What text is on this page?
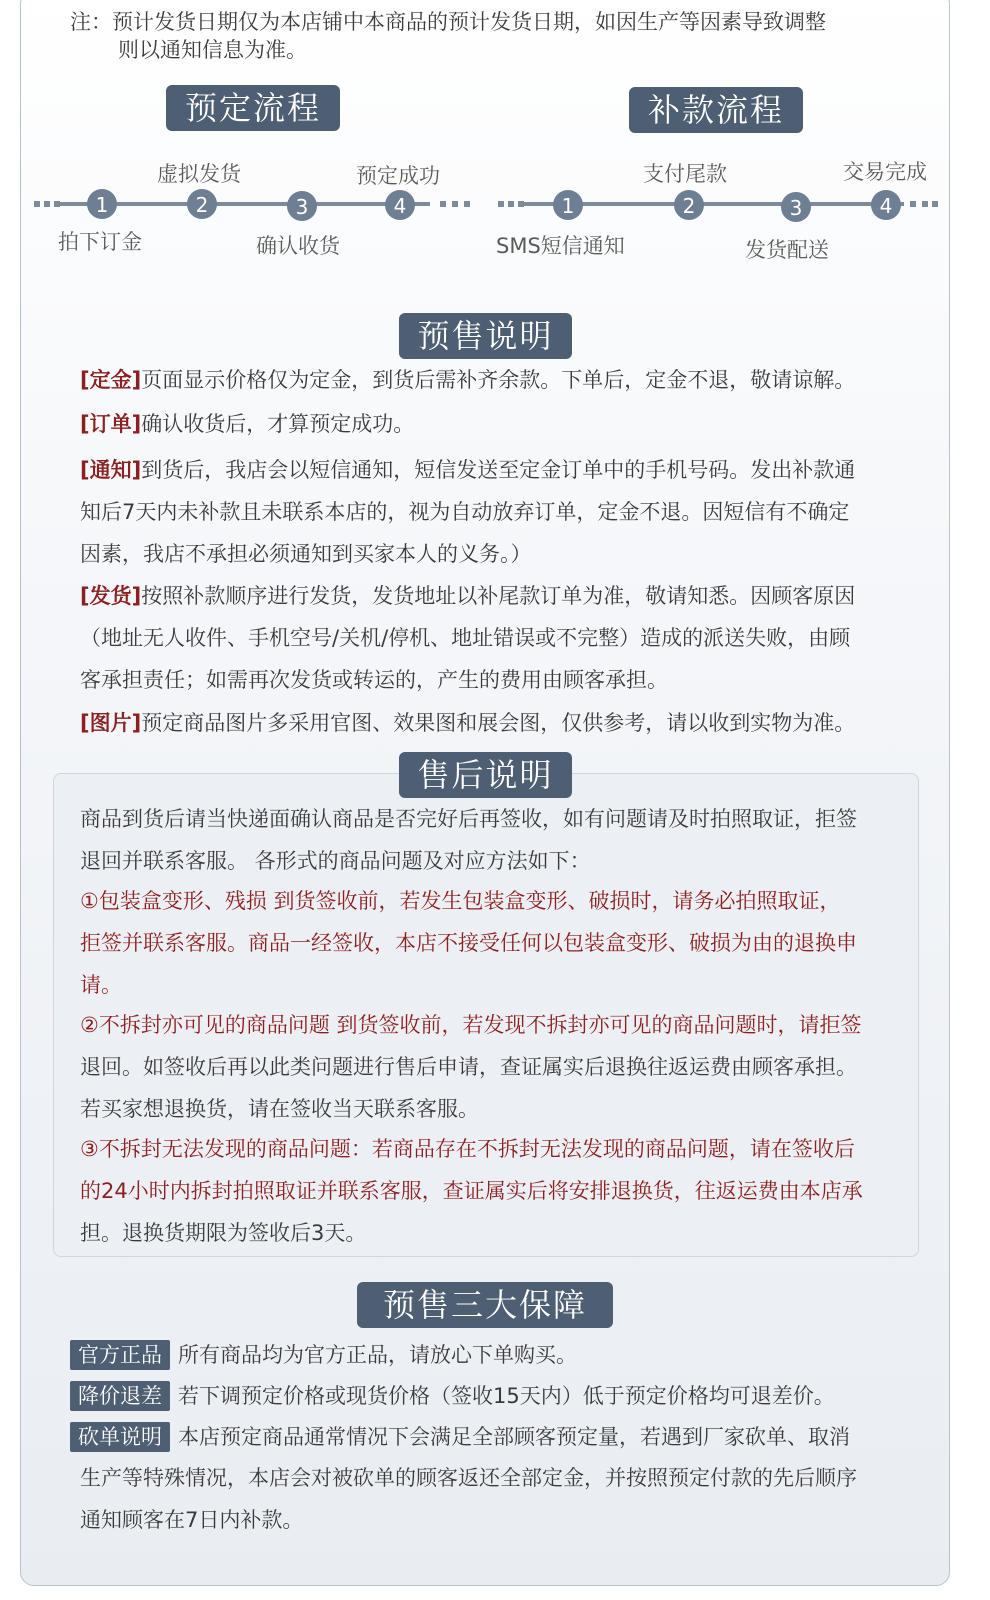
注：预计发货日期仅为本店铺中本商品的预计发货日期，如因生产等因素导致调整
则以通知信息为准。
预定流程	补款流程
1	2	3	4	1	2	3	4
虚拟发货	预定成功
拍下订金	确认收货
支付尾款	交易完成
SMS短信通知	发货配送
预售说明
[定金]页面显示价格仅为定金，到货后需补齐余款。下单后，定金不退，敬请谅解。
[订单]确认收货后，才算预定成功。
[通知]到货后，我店会以短信通知，短信发送至定金订单中的手机号码。发出补款通
知后7天内未补款且未联系本店的，视为自动放弃订单，定金不退。因短信有不确定
因素，我店不承担必须通知到买家本人的义务。）
[发货]按照补款顺序进行发货，发货地址以补尾款订单为准，敬请知悉。因顾客原因
（地址无人收件、手机空号/关机/停机、地址错误或不完整）造成的派送失败，由顾
客承担责任；如需再次发货或转运的，产生的费用由顾客承担。
[图片]预定商品图片多采用官图、效果图和展会图，仅供参考，请以收到实物为准。
售后说明
商品到货后请当快递面确认商品是否完好后再签收，如有问题请及时拍照取证，拒签
退回并联系客服。 各形式的商品问题及对应方法如下：
①包装盒变形、残损 到货签收前，若发生包装盒变形、破损时，请务必拍照取证，
拒签并联系客服。商品一经签收，本店不接受任何以包装盒变形、破损为由的退换申
请。
②不拆封亦可见的商品问题 到货签收前，若发现不拆封亦可见的商品问题时，请拒签
退回。如签收后再以此类问题进行售后申请，查证属实后退换往返运费由顾客承担。
若买家想退换货，请在签收当天联系客服。
③不拆封无法发现的商品问题：若商品存在不拆封无法发现的商品问题，请在签收后
的24小时内拆封拍照取证并联系客服，查证属实后将安排退换货，往返运费由本店承
担。退换货期限为签收后3天。
预售三大保障
官方正品 所有商品均为官方正品，请放心下单购买。
降价退差 若下调预定价格或现货价格（签收15天内）低于预定价格均可退差价。
砍单说明 本店预定商品通常情况下会满足全部顾客预定量，若遇到厂家砍单、取消
生产等特殊情况，本店会对被砍单的顾客返还全部定金，并按照预定付款的先后顺序
通知顾客在7日内补款。
